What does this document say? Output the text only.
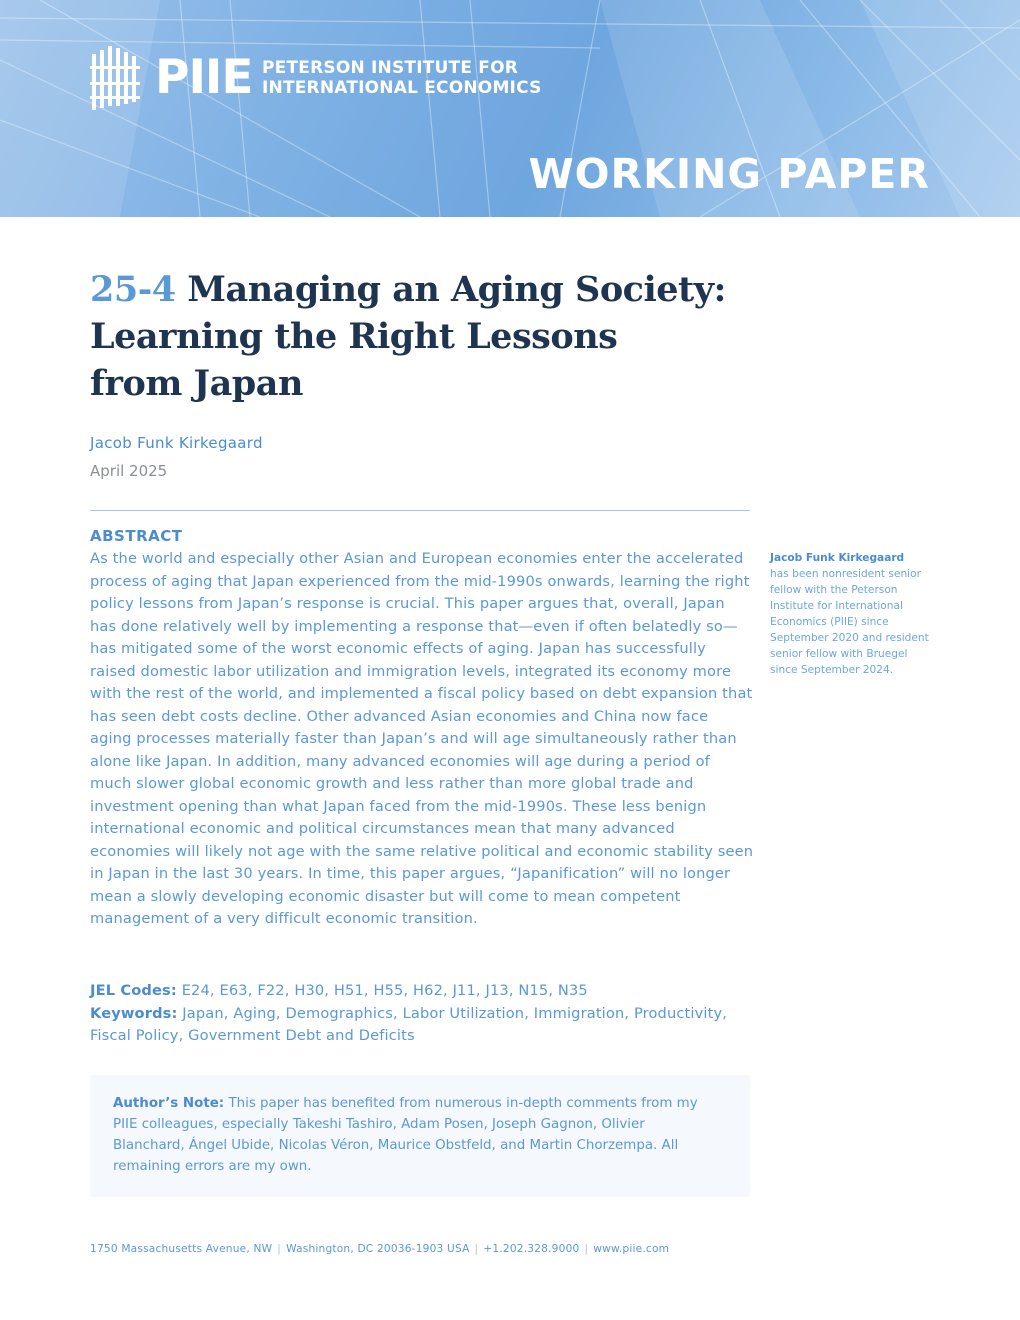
PIIE PETERSON INSTITUTE FOR
INTERNATIONAL ECONOMICS
WORKING PAPER
25-4 Managing an Aging Society:
Learning the Right Lessons
from Japan
Jacob Funk Kirkegaard
April 2025
ABSTRACT

As the world and especially other Asian and European economies enter the accelerated process of aging that Japan experienced from the mid-1990s onwards, learning the right policy lessons from Japan’s response is crucial. This paper argues that, overall, Japan has done relatively well by implementing a response that—even if often belatedly so—has mitigated some of the worst economic effects of aging. Japan has successfully raised domestic labor utilization and immigration levels, integrated its economy more with the rest of the world, and implemented a fiscal policy based on debt expansion that has seen debt costs decline. Other advanced Asian economies and China now face aging processes materially faster than Japan’s and will age simultaneously rather than alone like Japan. In addition, many advanced economies will age during a period of much slower global economic growth and less rather than more global trade and investment opening than what Japan faced from the mid-1990s. These less benign international economic and political circumstances mean that many advanced economies will likely not age with the same relative political and economic stability seen in Japan in the last 30 years. In time, this paper argues, “Japanification” will no longer mean a slowly developing economic disaster but will come to mean competent management of a very difficult economic transition.

Jacob Funk Kirkegaard
has been nonresident senior fellow with the Peterson Institute for International Economics (PIIE) since September 2020 and resident senior fellow with Bruegel since September 2024.
JEL Codes: E24, E63, F22, H30, H51, H55, H62, J11, J13, N15, N35
Keywords: Japan, Aging, Demographics, Labor Utilization, Immigration, Productivity, Fiscal Policy, Government Debt and Deficits
Author’s Note: This paper has benefited from numerous in-depth comments from my PIIE colleagues, especially Takeshi Tashiro, Adam Posen, Joseph Gagnon, Olivier Blanchard, Ángel Ubide, Nicolas Véron, Maurice Obstfeld, and Martin Chorzempa. All remaining errors are my own.
1750 Massachusetts Avenue, NW | Washington, DC 20036-1903 USA | +1.202.328.9000 | www.piie.com
